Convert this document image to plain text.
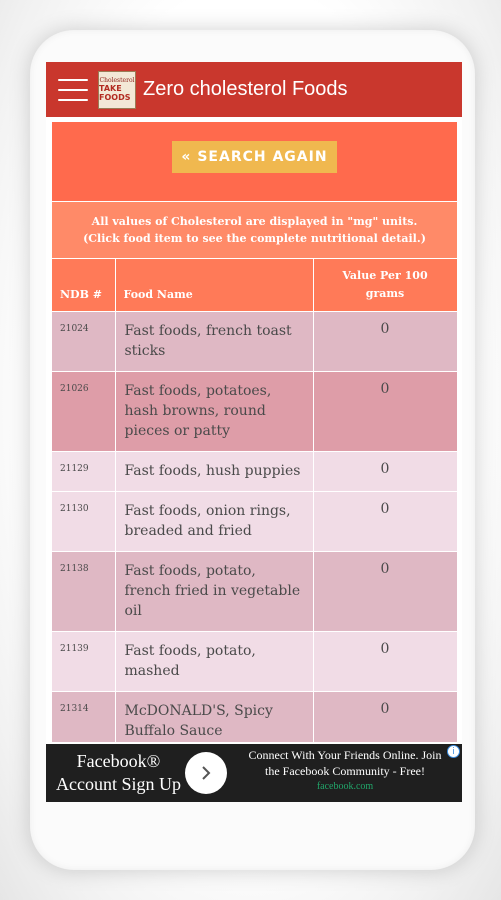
Cholesterol
TAKE FOODS Zero cholesterol Foods
« SEARCH AGAIN
All values of Cholesterol are displayed in "mg" units.
(Click food item to see the complete nutritional detail.)
NDB #	Food Name	Value Per 100 grams
21024	Fast foods, french toast sticks	0
21026	Fast foods, potatoes, hash browns, round pieces or patty	0
21129	Fast foods, hush puppies	0
21130	Fast foods, onion rings, breaded and fried	0
21138	Fast foods, potato, french fried in vegetable oil	0
21139	Fast foods, potato, mashed	0
21314	McDONALD'S, Spicy Buffalo Sauce	0

Facebook®
Account Sign Up
Connect With Your Friends Online. Join
the Facebook Community - Free!
facebook.com
i
